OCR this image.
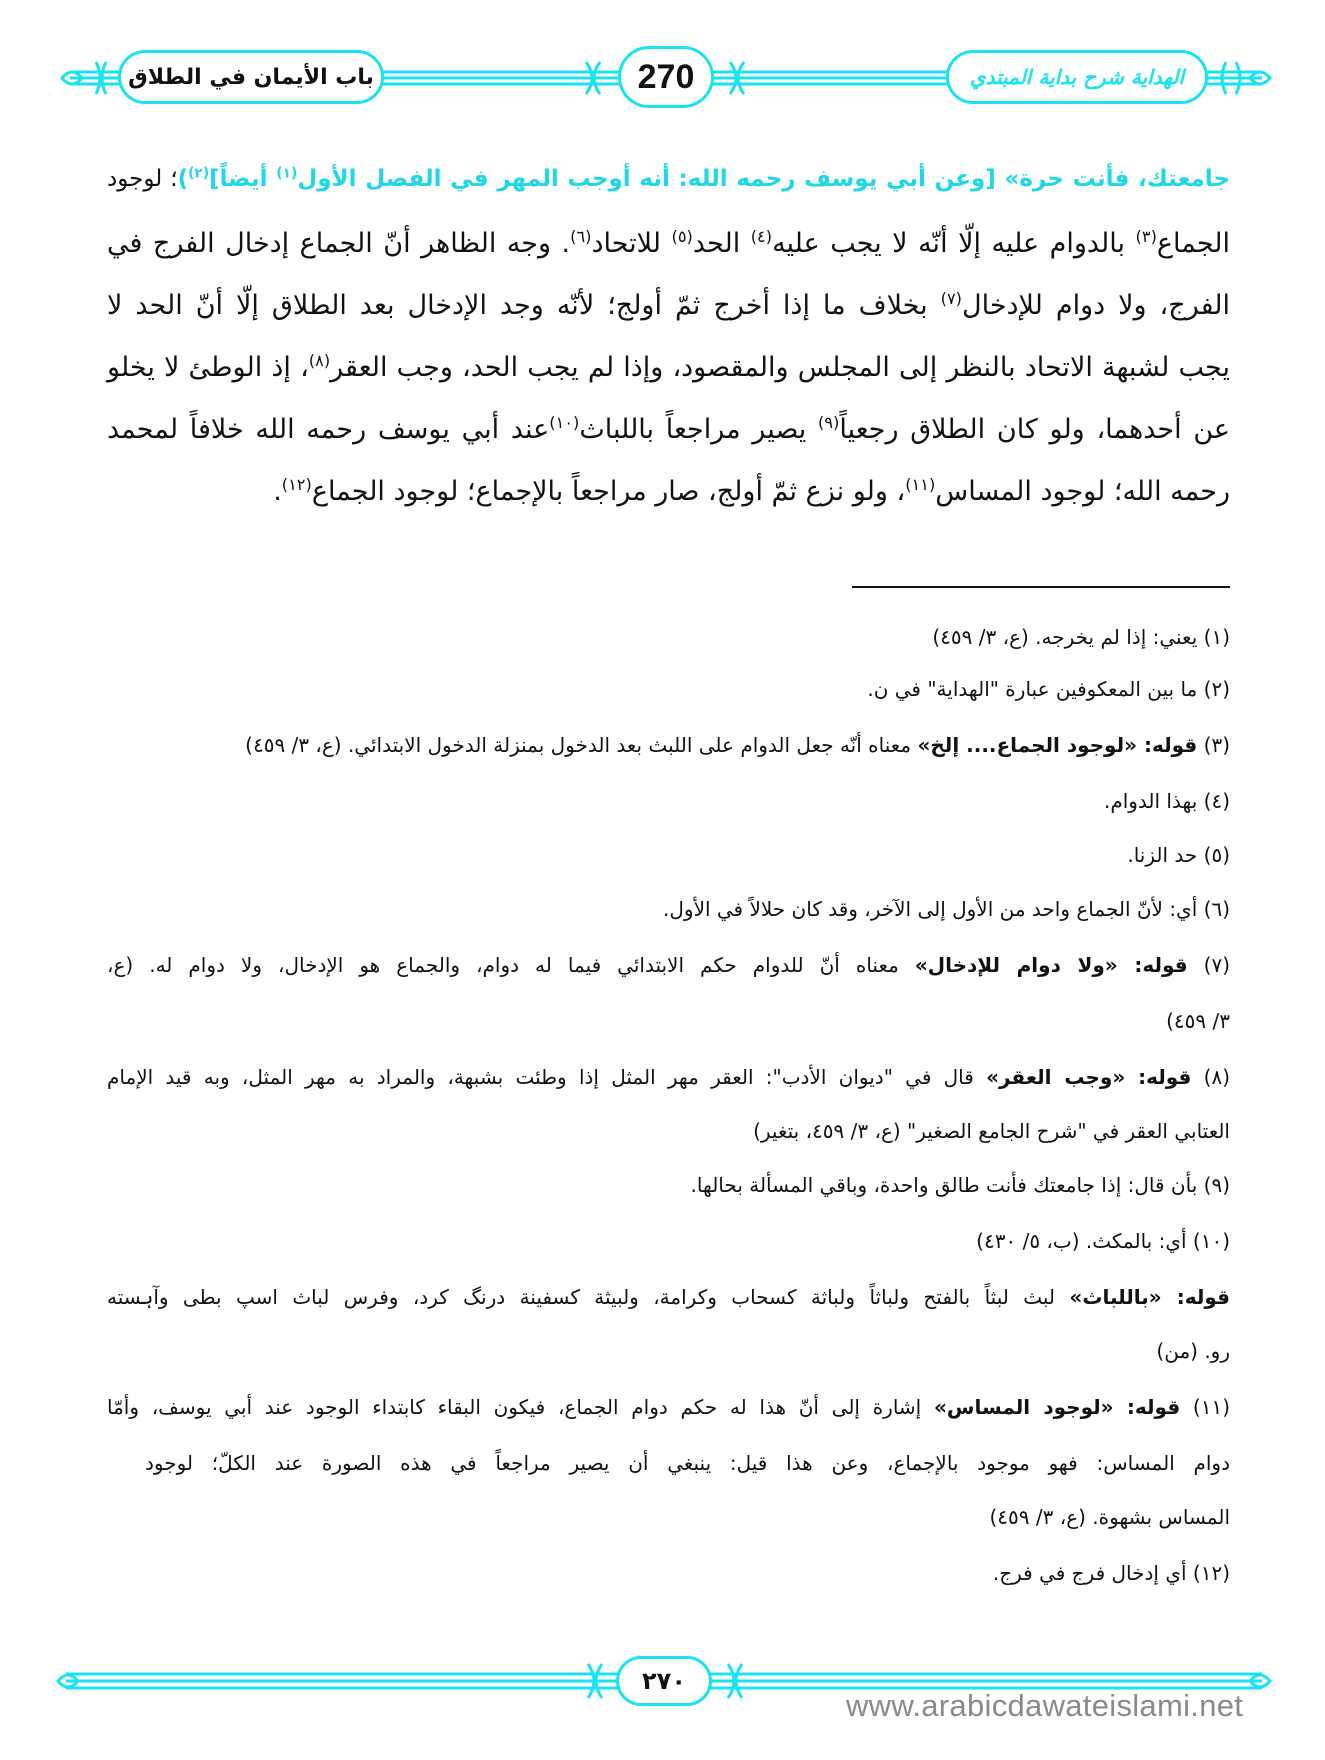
باب الأيمان في الطلاق	270	الهداية شرح بداية المبتدي
جامعتك، فأنت حرة» [وعن أبي يوسف رحمه الله: أنه أوجب المهر في الفصل الأول$^{(١)}$ أيضاً]$^{(٢)}$)؛ لوجود
الجماع$^{(٣)}$ بالدوام عليه إلّا أنّه لا يجب عليه$^{(٤)}$ الحد$^{(٥)}$ للاتحاد$^{(٦)}$. وجه الظاهر أنّ الجماع إدخال الفرج في
الفرج، ولا دوام للإدخال$^{(٧)}$ بخلاف ما إذا أخرج ثمّ أولج؛ لأنّه وجد الإدخال بعد الطلاق إلّا أنّ الحد لا
يجب لشبهة الاتحاد بالنظر إلى المجلس والمقصود، وإذا لم يجب الحد، وجب العقر$^{(٨)}$، إذ الوطئ لا يخلو
عن أحدهما، ولو كان الطلاق رجعياً$^{(٩)}$ يصير مراجعاً باللباث$^{(١٠)}$عند أبي يوسف رحمه الله خلافاً لمحمد
رحمه الله؛ لوجود المساس$^{(١١)}$، ولو نزع ثمّ أولج، صار مراجعاً بالإجماع؛ لوجود الجماع$^{(١٢)}$.
(١) يعني: إذا لم يخرجه. (ع، ٣/ ٤٥٩)
(٢) ما بين المعكوفين عبارة "الهداية" في ن.
(٣) قوله: «لوجود الجماع.... إلخ» معناه أنّه جعل الدوام على اللبث بعد الدخول بمنزلة الدخول الابتدائي. (ع، ٣/ ٤٥٩)
(٤) بهذا الدوام.
(٥) حد الزنا.
(٦) أي: لأنّ الجماع واحد من الأول إلى الآخر، وقد كان حلالاً في الأول.
(٧) قوله: «ولا دوام للإدخال» معناه أنّ للدوام حكم الابتدائي فيما له دوام، والجماع هو الإدخال، ولا دوام له. (ع،
٣/ ٤٥٩)
(٨) قوله: «وجب العقر» قال في "ديوان الأدب": العقر مهر المثل إذا وطئت بشبهة، والمراد به مهر المثل، وبه قيد الإمام
العتابي العقر في "شرح الجامع الصغير" (ع، ٣/ ٤٥٩، بتغير)
(٩) بأن قال: إذا جامعتك فأنت طالق واحدة، وباقي المسألة بحالها.
(١٠) أي: بالمكث. (ب، ٥/ ٤٣٠)
قوله: «باللباث» لبث لبثاً بالفتح ولباثاً ولباثة كسحاب وكرامة، ولبيثة كسفينة درنگ كرد، وفرس لباث اسپ بطى وآہسته
رو. (من)
(١١) قوله: «لوجود المساس» إشارة إلى أنّ هذا له حكم دوام الجماع، فيكون البقاء كابتداء الوجود عند أبي يوسف، وأمّا
دوام المساس: فهو موجود بالإجماع، وعن هذا قيل: ينبغي أن يصير مراجعاً في هذه الصورة عند الكلّ؛ لوجود
المساس بشهوة. (ع، ٣/ ٤٥٩)
(١٢) أي إدخال فرج في فرج.
٢٧٠
www.arabicdawateislami.net
